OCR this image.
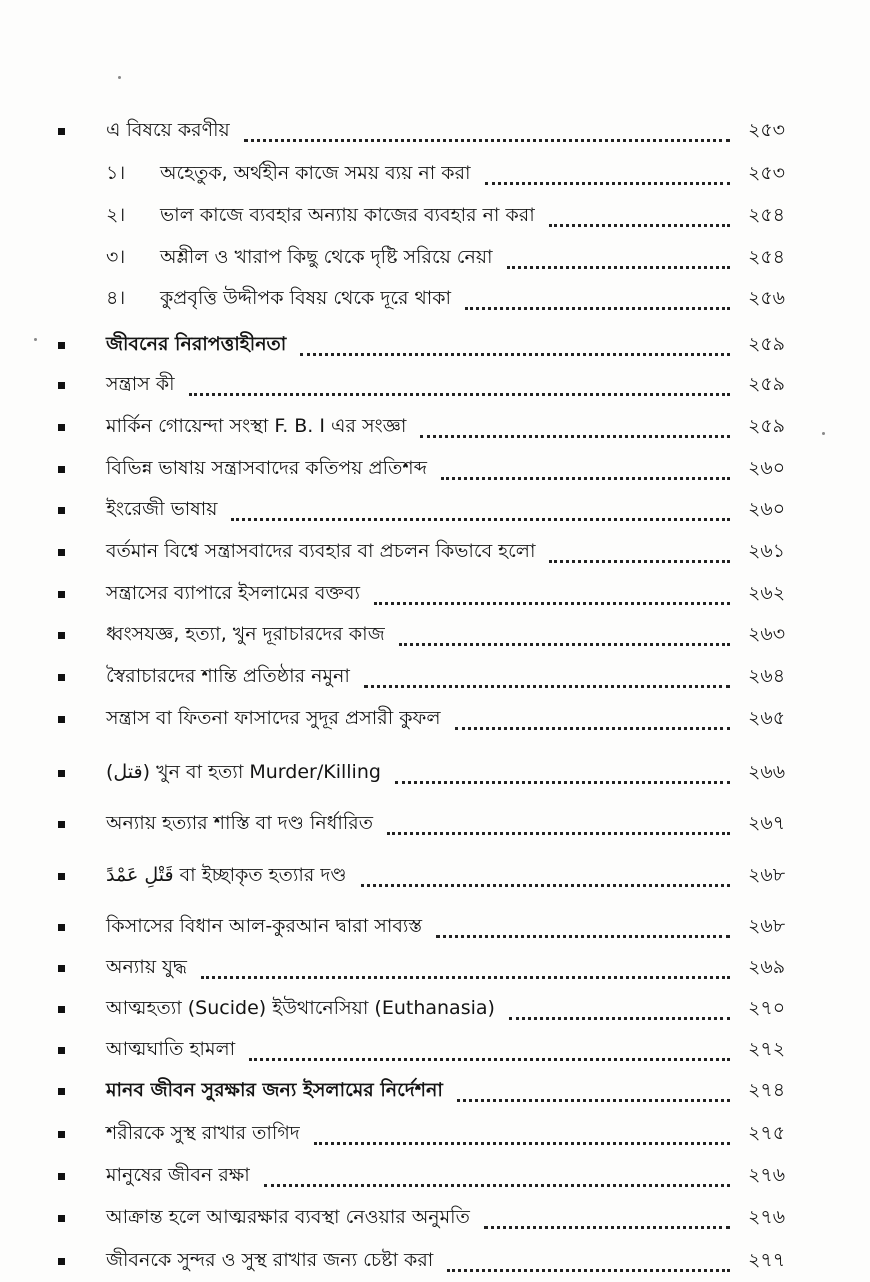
এ বিষয়ে করণীয়	২৫৩
১। অহেতুক, অর্থহীন কাজে সময় ব্যয় না করা	২৫৩
২। ভাল কাজে ব্যবহার অন্যায় কাজের ব্যবহার না করা	২৫৪
৩। অশ্লীল ও খারাপ কিছু থেকে দৃষ্টি সরিয়ে নেয়া	২৫৪
৪। কুপ্রবৃত্তি উদ্দীপক বিষয় থেকে দূরে থাকা	২৫৬
জীবনের নিরাপত্তাহীনতা	২৫৯
সন্ত্রাস কী	২৫৯
মার্কিন গোয়েন্দা সংস্থা F. B. I এর সংজ্ঞা	২৫৯
বিভিন্ন ভাষায় সন্ত্রাসবাদের কতিপয় প্রতিশব্দ	২৬০
ইংরেজী ভাষায়	২৬০
বর্তমান বিশ্বে সন্ত্রাসবাদের ব্যবহার বা প্রচলন কিভাবে হলো	২৬১
সন্ত্রাসের ব্যাপারে ইসলামের বক্তব্য	২৬২
ধ্বংসযজ্ঞ, হত্যা, খুন দূরাচারদের কাজ	২৬৩
স্বৈরাচারদের শান্তি প্রতিষ্ঠার নমুনা	২৬৪
সন্ত্রাস বা ফিতনা ফাসাদের সুদূর প্রসারী কুফল	২৬৫
(قتل) খুন বা হত্যা Murder/Killing	২৬৬
অন্যায় হত্যার শাস্তি বা দণ্ড নির্ধারিত	২৬৭
قَتْلِ عَمْدً বা ইচ্ছাকৃত হত্যার দণ্ড	২৬৮
কিসাসের বিধান আল-কুরআন দ্বারা সাব্যস্ত	২৬৮
অন্যায় যুদ্ধ	২৬৯
আত্মহত্যা (Sucide) ইউথানেসিয়া (Euthanasia)	২৭০
আত্মঘাতি হামলা	২৭২
মানব জীবন সুরক্ষার জন্য ইসলামের নির্দেশনা	২৭৪
শরীরকে সুস্থ রাখার তাগিদ	২৭৫
মানুষের জীবন রক্ষা	২৭৬
আক্রান্ত হলে আত্মরক্ষার ব্যবস্থা নেওয়ার অনুমতি	২৭৬
জীবনকে সুন্দর ও সুস্থ রাখার জন্য চেষ্টা করা	২৭৭
